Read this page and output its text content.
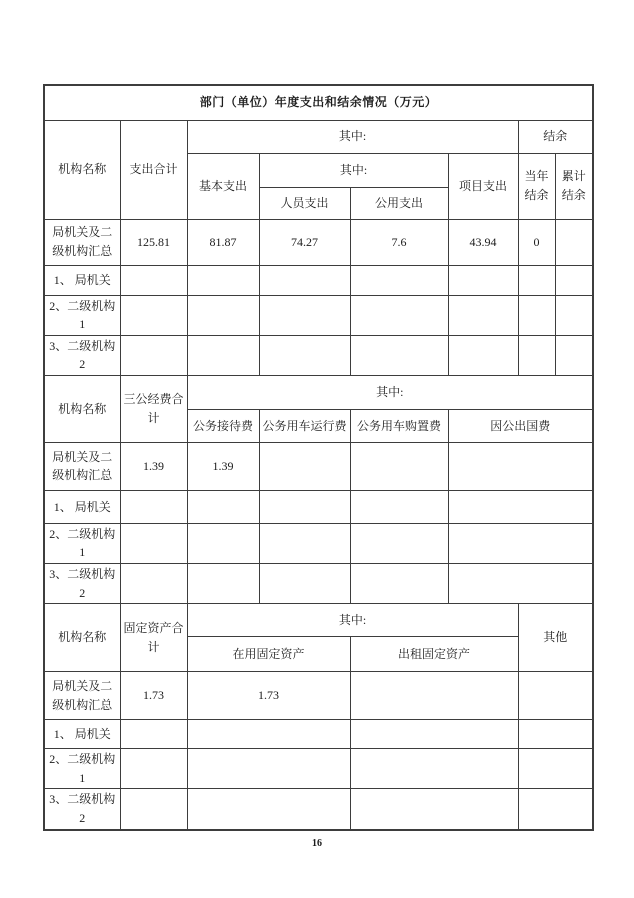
部门（单位）年度支出和结余情况（万元）							
机构名称	支出合计	其中:				结余	
		基本支出	其中:		项目支出	当年结余	累计结余
			人员支出	公用支出			
局机关及二级机构汇总	125.81	81.87	74.27	7.6	43.94	0	
1、 局机关							
2、二级机构 1							
3、二级机构 2							
机构名称	三公经费合计	其中:					
		公务接待费	公务用车运行费	公务用车购置费	因公出国费		
局机关及二级机构汇总	1.39	1.39					
1、 局机关							
2、二级机构 1							
3、二级机构 2							
机构名称	固定资产合计	其中:				其他	
		在用固定资产		出租固定资产			
局机关及二级机构汇总	1.73	1.73					
1、 局机关							
2、二级机构 1							
3、二级机构 2							
16
